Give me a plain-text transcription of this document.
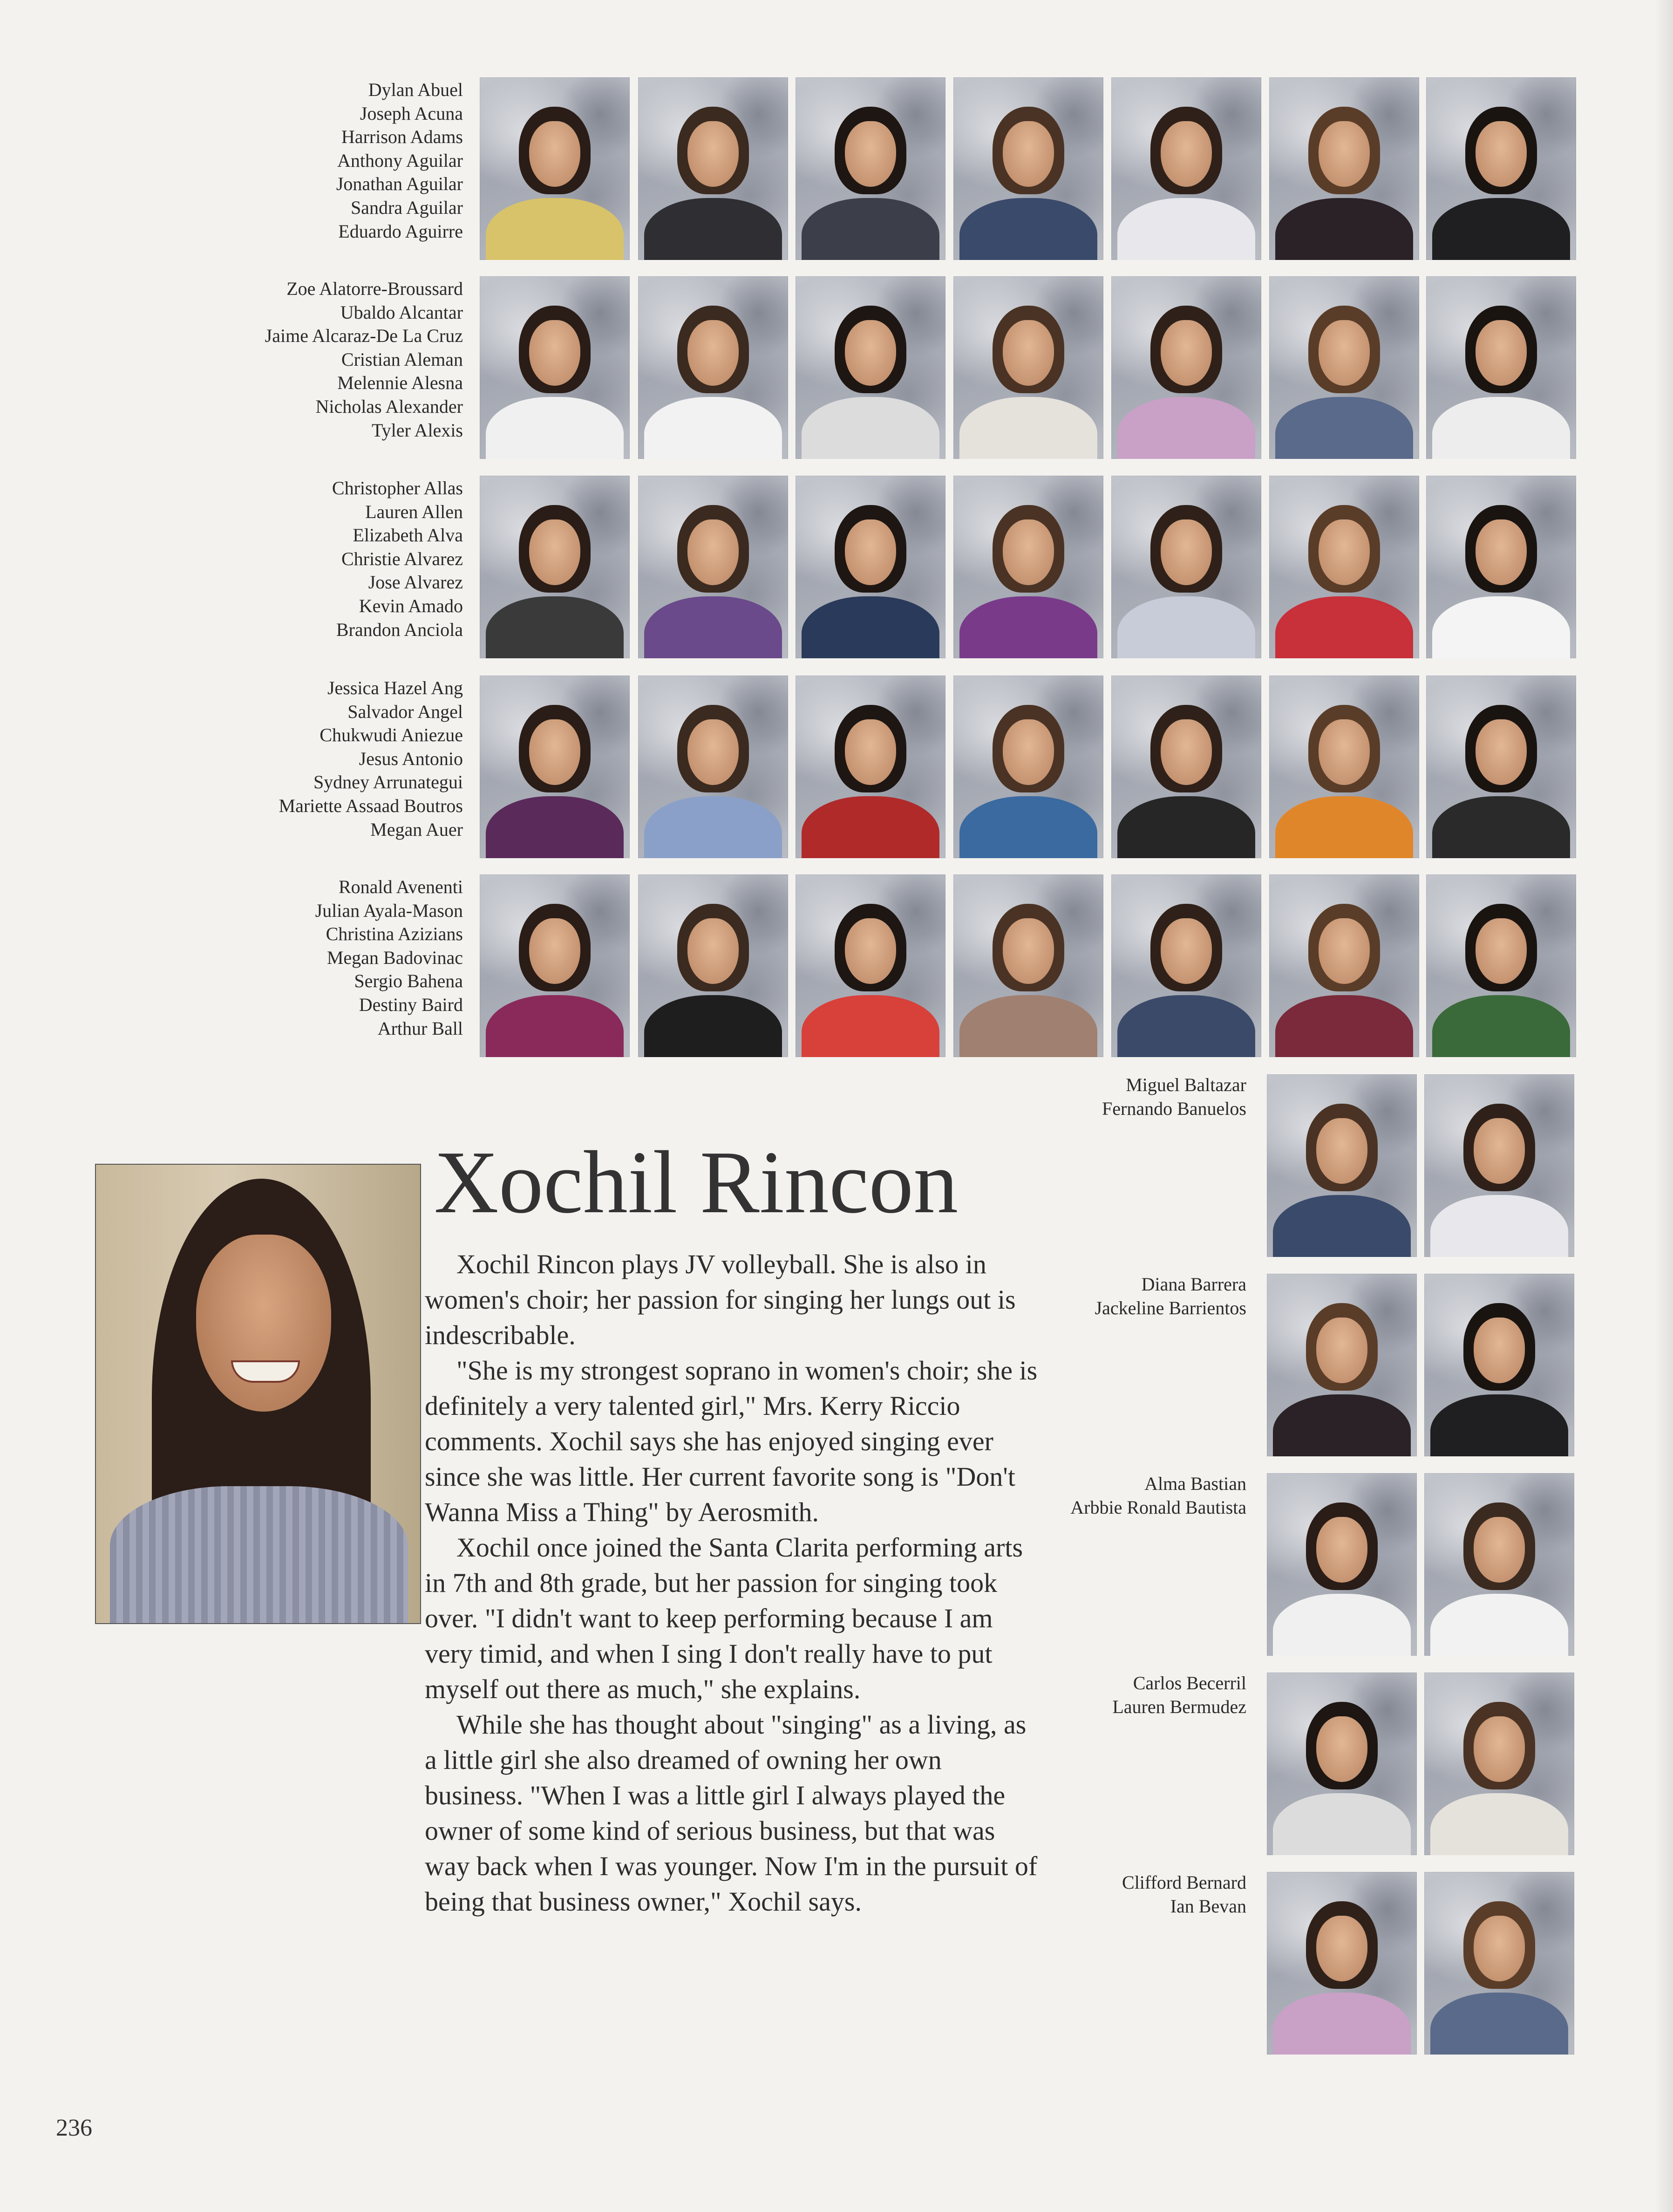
Dylan Abuel
Joseph Acuna
Harrison Adams
Anthony Aguilar
Jonathan Aguilar
Sandra Aguilar
Eduardo Aguirre
Zoe Alatorre-Broussard
Ubaldo Alcantar
Jaime Alcaraz-De La Cruz
Cristian Aleman
Melennie Alesna
Nicholas Alexander
Tyler Alexis
Christopher Allas
Lauren Allen
Elizabeth Alva
Christie Alvarez
Jose Alvarez
Kevin Amado
Brandon Anciola
Jessica Hazel Ang
Salvador Angel
Chukwudi Aniezue
Jesus Antonio
Sydney Arrunategui
Mariette Assaad Boutros
Megan Auer
Ronald Avenenti
Julian Ayala-Mason
Christina Azizians
Megan Badovinac
Sergio Bahena
Destiny Baird
Arthur Ball
Miguel Baltazar
Fernando Banuelos
Diana Barrera
Jackeline Barrientos
Alma Bastian
Arbbie Ronald Bautista
Carlos Becerril
Lauren Bermudez
Clifford Bernard
Ian Bevan
Xochil Rincon

Xochil Rincon plays JV volleyball. She is also in women's choir; her passion for singing her lungs out is indescribable.

"She is my strongest soprano in women's choir; she is definitely a very talented girl," Mrs. Kerry Riccio comments. Xochil says she has enjoyed singing ever since she was little. Her current favorite song is "Don't Wanna Miss a Thing" by Aerosmith.

Xochil once joined the Santa Clarita performing arts in 7th and 8th grade, but her passion for singing took over. "I didn't want to keep performing because I am very timid, and when I sing I don't really have to put myself out there as much," she explains.

While she has thought about "singing" as a living, as a little girl she also dreamed of owning her own business. "When I was a little girl I always played the owner of some kind of serious business, but that was way back when I was younger. Now I'm in the pursuit of being that business owner," Xochil says.

236
